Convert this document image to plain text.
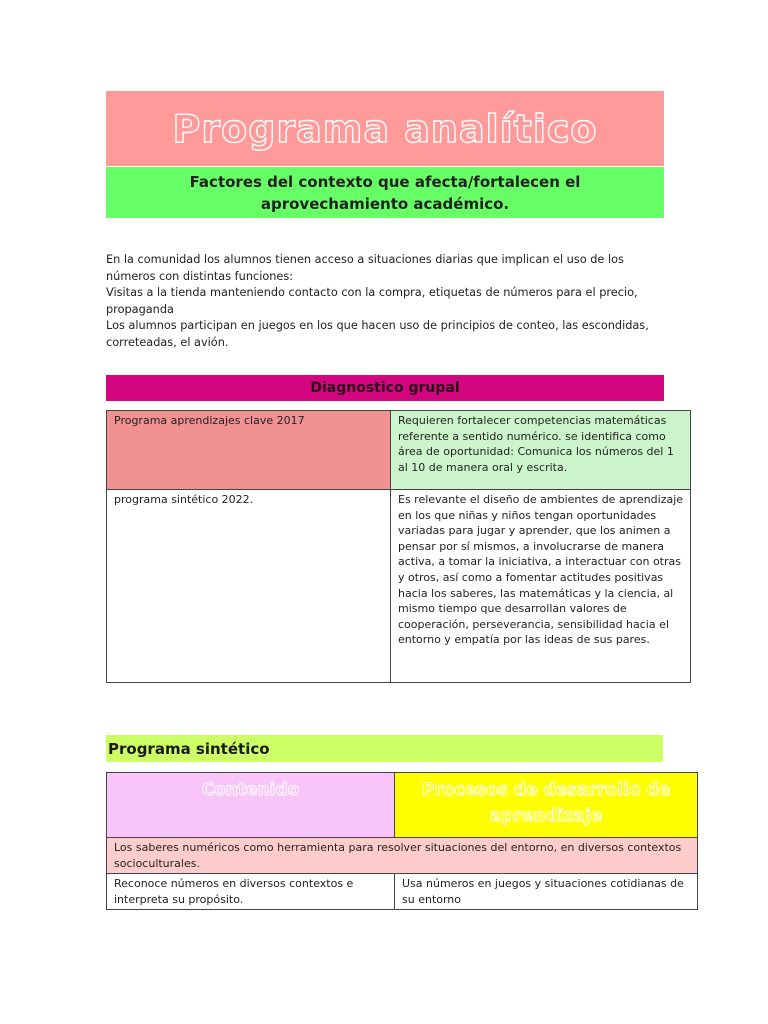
Programa analítico
Factores del contexto que afecta/fortalecen el aprovechamiento académico.

En la comunidad los alumnos tienen acceso a situaciones diarias que implican el uso de los números con distintas funciones:

Visitas a la tienda manteniendo contacto con la compra, etiquetas de números para el precio, propaganda

Los alumnos participan en juegos en los que hacen uso de principios de conteo, las escondidas, correteadas, el avión.

Diagnostico grupal
Programa aprendizajes clave 2017	Requieren fortalecer competencias matemáticas referente a sentido numérico. se identifica como área de oportunidad: Comunica los números del 1 al 10 de manera oral y escrita.
programa sintético 2022.	Es relevante el diseño de ambientes de aprendizaje en los que niñas y niños tengan oportunidades variadas para jugar y aprender, que los animen a pensar por sí mismos, a involucrarse de manera activa, a tomar la iniciativa, a interactuar con otras y otros, así como a fomentar actitudes positivas hacia los saberes, las matemáticas y la ciencia, al mismo tiempo que desarrollan valores de cooperación, perseverancia, sensibilidad hacia el entorno y empatía por las ideas de sus pares.
Programa sintético
Contenido	Procesos de desarrollo de aprendizaje

Los saberes numéricos como herramienta para resolver situaciones del entorno, en diversos contextos socioculturales.	
Reconoce números en diversos contextos e interpreta su propósito.	Usa números en juegos y situaciones cotidianas de su entorno
